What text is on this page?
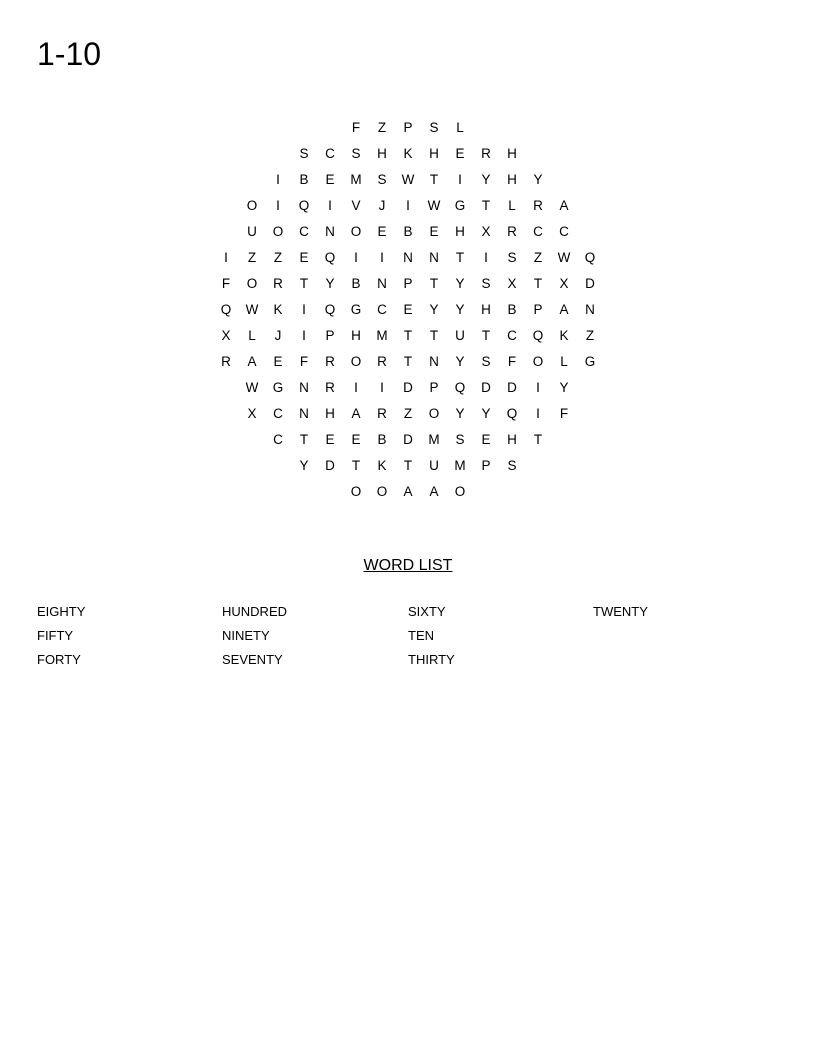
1-10
F	Z	P	S	L
S	C	S	H	K	H	E	R	H
I	B	E	M	S	W	T	I	Y	H	Y
O	I	Q	I	V	J	I	W	G	T	L	R	A
U	O	C	N	O	E	B	E	H	X	R	C	C
I	Z	Z	E	Q	I	I	N	N	T	I	S	Z	W	Q
F	O	R	T	Y	B	N	P	T	Y	S	X	T	X	D
Q	W	K	I	Q	G	C	E	Y	Y	H	B	P	A	N
X	L	J	I	P	H	M	T	T	U	T	C	Q	K	Z
R	A	E	F	R	O	R	T	N	Y	S	F	O	L	G
W	G	N	R	I	I	D	P	Q	D	D	I	Y
X	C	N	H	A	R	Z	O	Y	Y	Q	I	F
C	T	E	E	B	D	M	S	E	H	T
Y	D	T	K	T	U	M	P	S
O	O	A	A	O
WORD LIST
EIGHTY
FIFTY
FORTY
HUNDRED
NINETY
SEVENTY
SIXTY
TEN
THIRTY
TWENTY
